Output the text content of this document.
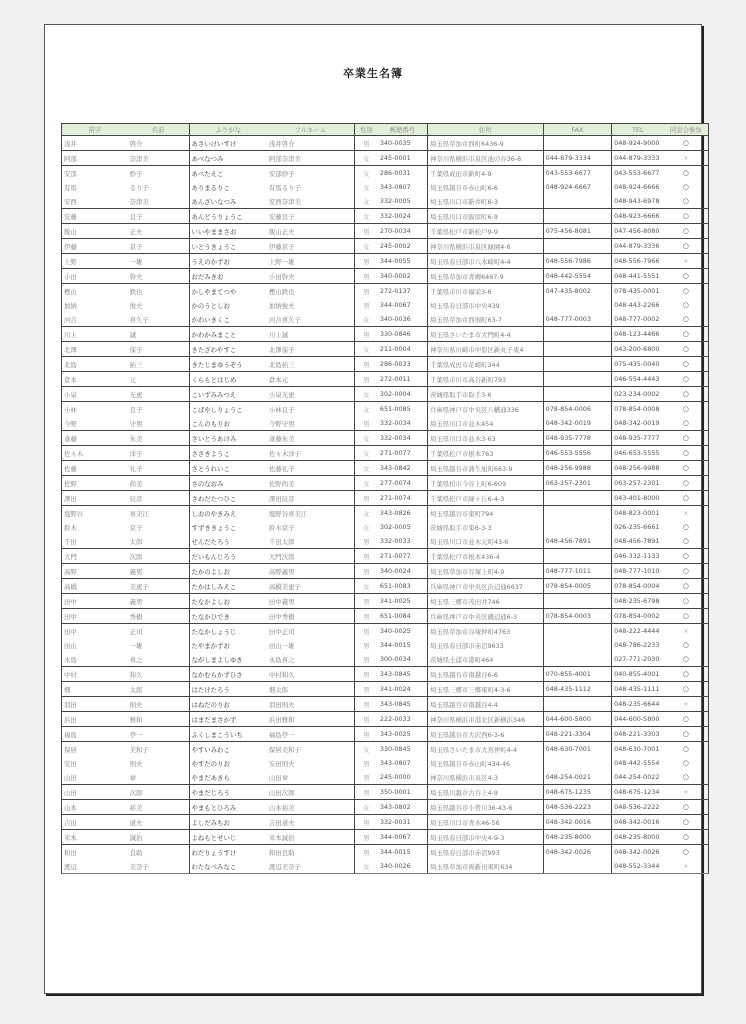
卒業生名簿
苗字	名前	ふりがな	フルネーム	性別	郵便番号	住所	FAX	TEL	同窓会参加
浅井	啓介	あさいけいすけ	浅井啓介	男	340-0035	埼玉県草加市西町6436-9		048-924-9000	○
阿部	奈津美	あべなつみ	阿部奈津美	女	245-0001	神奈川県横浜市泉区池の谷36-6	044-879-3334	044-879-3333	×
安部	紗子	あべたえこ	安部紗子	女	286-0031	千葉県成田市新町4-9	043-553-6677	043-553-6677	○
有馬	るり子	ありまるりこ	有馬るり子	女	343-0807	埼玉県越谷市赤山町6-6	048-924-6667	048-924-6666	○
安西	奈津美	あんざいなつみ	安西奈津美	女	332-0005	埼玉県川口市新井町6-3		048-943-6978	○
安藤	良子	あんどうりょうこ	安藤良子	女	332-0024	埼玉県川口市阪原町6-9		048-923-6666	○
飯山	正夫	いいやままさお	飯山正夫	男	270-0034	千葉県松戸市新松戸9-9	075-456-8081	047-456-8080	○
伊藤	京子	いとうきょうこ	伊藤京子	女	245-0002	神奈川県横浜市泉区緑園4-6		044-879-3336	○
上野	一雄	うえのかずお	上野一雄	男	344-0055	埼玉県春日部市八木崎町4-4	048-556-7986	048-556-7966	×
小田	幹夫	おだみきお	小田幹夫	男	340-0002	埼玉県草加市青柳6467-9	048-442-5554	048-441-5551	○
樫山	鉄也	かしやまてつや	樫山鉄也	男	272-0137	千葉県市川市福栄3-6	047-435-8002	078-435-0001	○
加納	俊夫	かのうとしお	加納俊夫	男	344-0067	埼玉県春日部市中央439		048-443-2266	○
河合	喜久子	かわいきくこ	河合喜久子	女	340-0036	埼玉県草加市西堀町63-7	048-777-0003	048-777-0002	○
川上	誠	かわかみまこと	川上誠	男	330-0846	埼玉県さいたま市大門町4-4		048-123-4466	○
北澤	保子	きたざわやすこ	北澤保子	女	211-0004	神奈川県川崎市中原区新丸子東4		043-200-6800	○
北島	拓三	きたじまゆうぞう	北島拓三	男	286-0033	千葉県成田市花崎町344		075-435-0040	○
倉本	元	くらもとはじめ	倉本元	男	272-0011	千葉県市川市高谷新町793		046-554-4443	○
小泉	光恵	こいずみみつえ	小泉光恵	女	302-0004	茨城県取手市取手3-6		023-234-0002	○
小林	良子	こばやしりょうこ	小林良子	女	651-0085	兵庫県神戸市中央区八幡通336	078-854-0006	078-854-0008	○
今野	守男	こんのもりお	今野守男	男	332-0034	埼玉県川口市並木454	048-342-0019	048-342-0019	○
斎藤	朱美	さいとうあけみ	斎藤朱美	女	332-0034	埼玉県川口市並木3-63	048-935-7778	048-935-7777	○
佐々木	洋子	ささきようこ	佐々木洋子	女	271-0077	千葉県松戸市根本763	046-553-5556	046-653-5555	○
佐藤	礼子	さとうれいこ	佐藤礼子	女	343-0842	埼玉県越谷市蒲生旭町663-9	048-256-9988	048-256-9988	○
佐野	尚美	さのなおみ	佐野尚美	女	277-0074	千葉県柏市今谷上町6-609	063-257-2301	063-257-2301	○
澤田	辰彦	さわだたつひこ	澤田辰彦	男	271-0074	千葉県松戸市緑ヶ丘6-4-3		043-401-8000	○
塩野谷	喜美江	しおのやきみえ	塩野谷喜美江	女	343-0826	埼玉県越谷市東町794		048-823-0001	×
鈴木	京子	すずききょうこ	鈴木京子	女	302-0005	茨城県取手市東6-3-3		026-235-6661	○
千田	太郎	せんだたろう	千田太郎	男	332-0033	埼玉県川口市並木元町43-6	048-456-7891	048-456-7891	○
大門	次郎	だいもんじろう	大門次郎	男	271-0077	千葉県松戸市根本436-4		046-332-1133	○
高野	義男	たかのよしお	高野義男	男	340-0024	埼玉県草加市谷塚上町4-9	048-777-1011	048-777-1010	○
高橋	美恵子	たかはしみえこ	高橋美恵子	女	651-0083	兵庫県神戸市中央区浜辺通6637	078-854-0005	078-854-0004	○
田中	義男	たなかよしお	田中義男	男	341-0025	埼玉県三郷市茂田井746		048-235-6798	○
田中	秀樹	たなかひでき	田中秀樹	男	651-0084	兵庫県神戸市中央区磯辺通6-3	078-854-0003	078-854-0002	○
田中	正司	たなかしょうじ	田中正司	男	340-0025	埼玉県草加市谷塚仲町4763		048-222-4444	×
田山	一雄	たやまかずお	田山一雄	男	344-0015	埼玉県春日部市赤沼9633		048-786-2233	○
永島	喜之	ながしまよしゆき	永島喜之	男	300-0034	茨城県土浦市港町464		027-771-2030	○
中村	和久	なかむらかずひさ	中村和久	男	343-0845	埼玉県越谷市南越谷6-6	070-855-4001	040-855-4001	○
畑	太郎	はたけたろう	畑太郎	男	341-0024	埼玉県三郷市三郷東町4-3-6	048-435-1112	048-435-1111	○
羽田	則夫	はねだのりお	羽田則夫	男	343-0845	埼玉県越谷市南越谷4-4		048-235-6644	×
浜田	雅和	はまだまさかず	浜田雅和	男	222-0033	神奈川県横浜市港北区新横浜346	044-600-5800	044-600-5800	○
福島	亭一	ふくしまこういち	福島亭一	男	343-0025	埼玉県越谷市大沢西6-3-6	048-221-3304	048-221-3303	○
保居	美和子	やすいみわこ	保居美和子	女	330-0845	埼玉県さいたま市大宮仲町4-4	048-630-7001	048-630-7001	○
安田	則夫	やすだのりお	安田則夫	男	343-0807	埼玉県越谷市赤山町434-46		048-442-5554	○
山田	章	やまだあきら	山田章	男	245-0000	神奈川県横浜市泉区4-3	048-254-0021	044-254-0022	○
山田	次郎	やまだじろう	山田次郎	男	350-0001	埼玉県川越市古谷上4-9	048-675-1235	048-675-1234	×
山本	裕美	やまもとひろみ	山本裕美	女	343-0802	埼玉県越谷市小曽川36-43-6	048-536-2223	048-536-2222	○
吉田	道夫	よしだみちお	吉田道夫	男	332-0031	埼玉県川口市青木46-56	048-342-0016	048-342-0016	○
米本	誠治	よねもとせいじ	米本誠治	男	344-0067	埼玉県春日部市中央4-9-3	048-235-8000	048-235-8000	○
和田	良助	わだりょうすけ	和田良助	男	344-0015	埼玉県春日部市赤沼993	048-342-0026	048-342-0026	○
渡辺	美奈子	わたなべみなこ	渡辺美奈子	女	340-0026	埼玉県草加市両新田東町634		048-552-3344	×
